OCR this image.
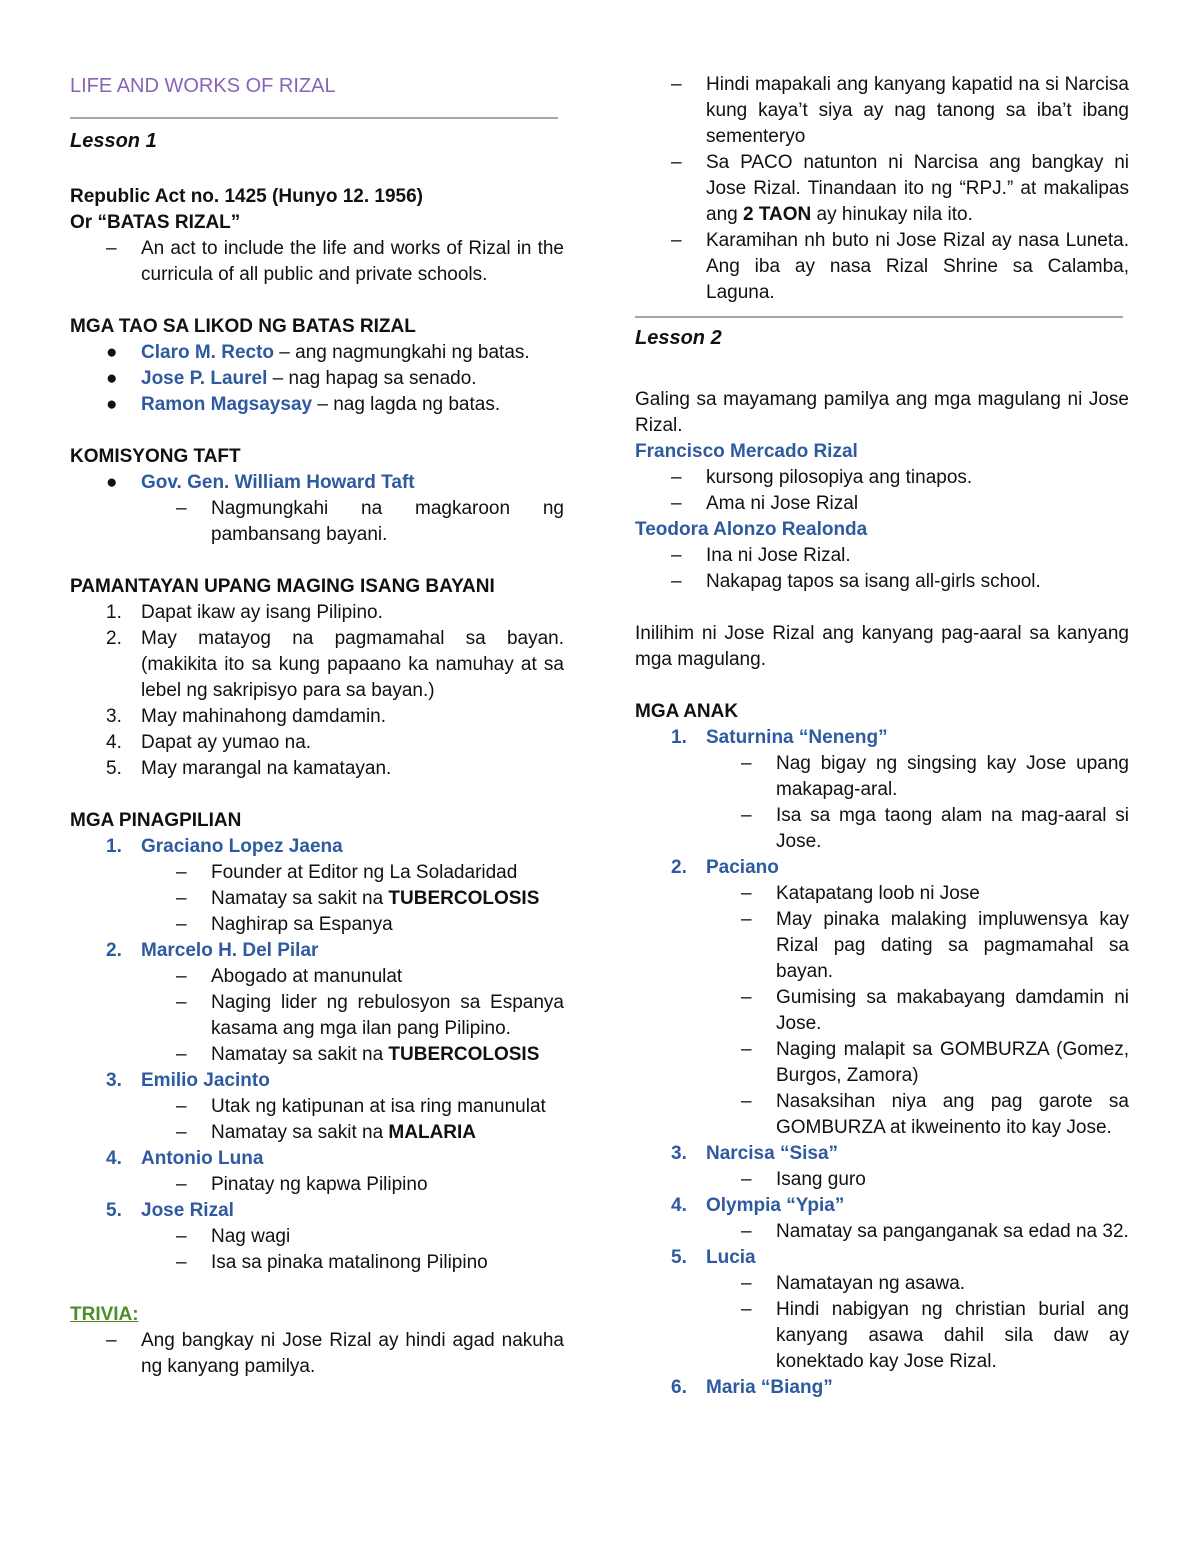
LIFE AND WORKS OF RIZAL
Lesson 1
Republic Act no. 1425 (Hunyo 12. 1956)
Or “BATAS RIZAL”
– An act to include the life and works of Rizal in the curricula of all public and private schools.
MGA TAO SA LIKOD NG BATAS RIZAL
● Claro M. Recto – ang nagmungkahi ng batas.
● Jose P. Laurel – nag hapag sa senado.
● Ramon Magsaysay – nag lagda ng batas.
KOMISYONG TAFT
● Gov. Gen. William Howard Taft
– Nagmungkahi na magkaroon ng pambansang bayani.
PAMANTAYAN UPANG MAGING ISANG BAYANI
1. Dapat ikaw ay isang Pilipino.
2. May matayog na pagmamahal sa bayan. (makikita ito sa kung papaano ka namuhay at sa lebel ng sakripisyo para sa bayan.)
3. May mahinahong damdamin.
4. Dapat ay yumao na.
5. May marangal na kamatayan.
MGA PINAGPILIAN
1. Graciano Lopez Jaena
– Founder at Editor ng La Soladaridad
– Namatay sa sakit na TUBERCOLOSIS
– Naghirap sa Espanya
2. Marcelo H. Del Pilar
– Abogado at manunulat
– Naging lider ng rebulosyon sa Espanya kasama ang mga ilan pang Pilipino.
– Namatay sa sakit na TUBERCOLOSIS
3. Emilio Jacinto
– Utak ng katipunan at isa ring manunulat
– Namatay sa sakit na MALARIA
4. Antonio Luna
– Pinatay ng kapwa Pilipino
5. Jose Rizal
– Nag wagi
– Isa sa pinaka matalinong Pilipino
TRIVIA:
– Ang bangkay ni Jose Rizal ay hindi agad nakuha ng kanyang pamilya.
– Hindi mapakali ang kanyang kapatid na si Narcisa kung kaya’t siya ay nag tanong sa iba’t ibang sementeryo
– Sa PACO natunton ni Narcisa ang bangkay ni Jose Rizal. Tinandaan ito ng “RPJ.” at makalipas ang 2 TAON ay hinukay nila ito.
– Karamihan nh buto ni Jose Rizal ay nasa Luneta. Ang iba ay nasa Rizal Shrine sa Calamba, Laguna.
Lesson 2
Galing sa mayamang pamilya ang mga magulang ni Jose Rizal.
Francisco Mercado Rizal
– kursong pilosopiya ang tinapos.
– Ama ni Jose Rizal
Teodora Alonzo Realonda
– Ina ni Jose Rizal.
– Nakapag tapos sa isang all-girls school.
Inilihim ni Jose Rizal ang kanyang pag-aaral sa kanyang mga magulang.
MGA ANAK
1. Saturnina “Neneng”
– Nag bigay ng singsing kay Jose upang makapag-aral.
– Isa sa mga taong alam na mag-aaral si Jose.
2. Paciano
– Katapatang loob ni Jose
– May pinaka malaking impluwensya kay Rizal pag dating sa pagmamahal sa bayan.
– Gumising sa makabayang damdamin ni Jose.
– Naging malapit sa GOMBURZA (Gomez, Burgos, Zamora)
– Nasaksihan niya ang pag garote sa GOMBURZA at ikweinento ito kay Jose.
3. Narcisa “Sisa”
– Isang guro
4. Olympia “Ypia”
– Namatay sa panganganak sa edad na 32.
5. Lucia
– Namatayan ng asawa.
– Hindi nabigyan ng christian burial ang kanyang asawa dahil sila daw ay konektado kay Jose Rizal.
6. Maria “Biang”
